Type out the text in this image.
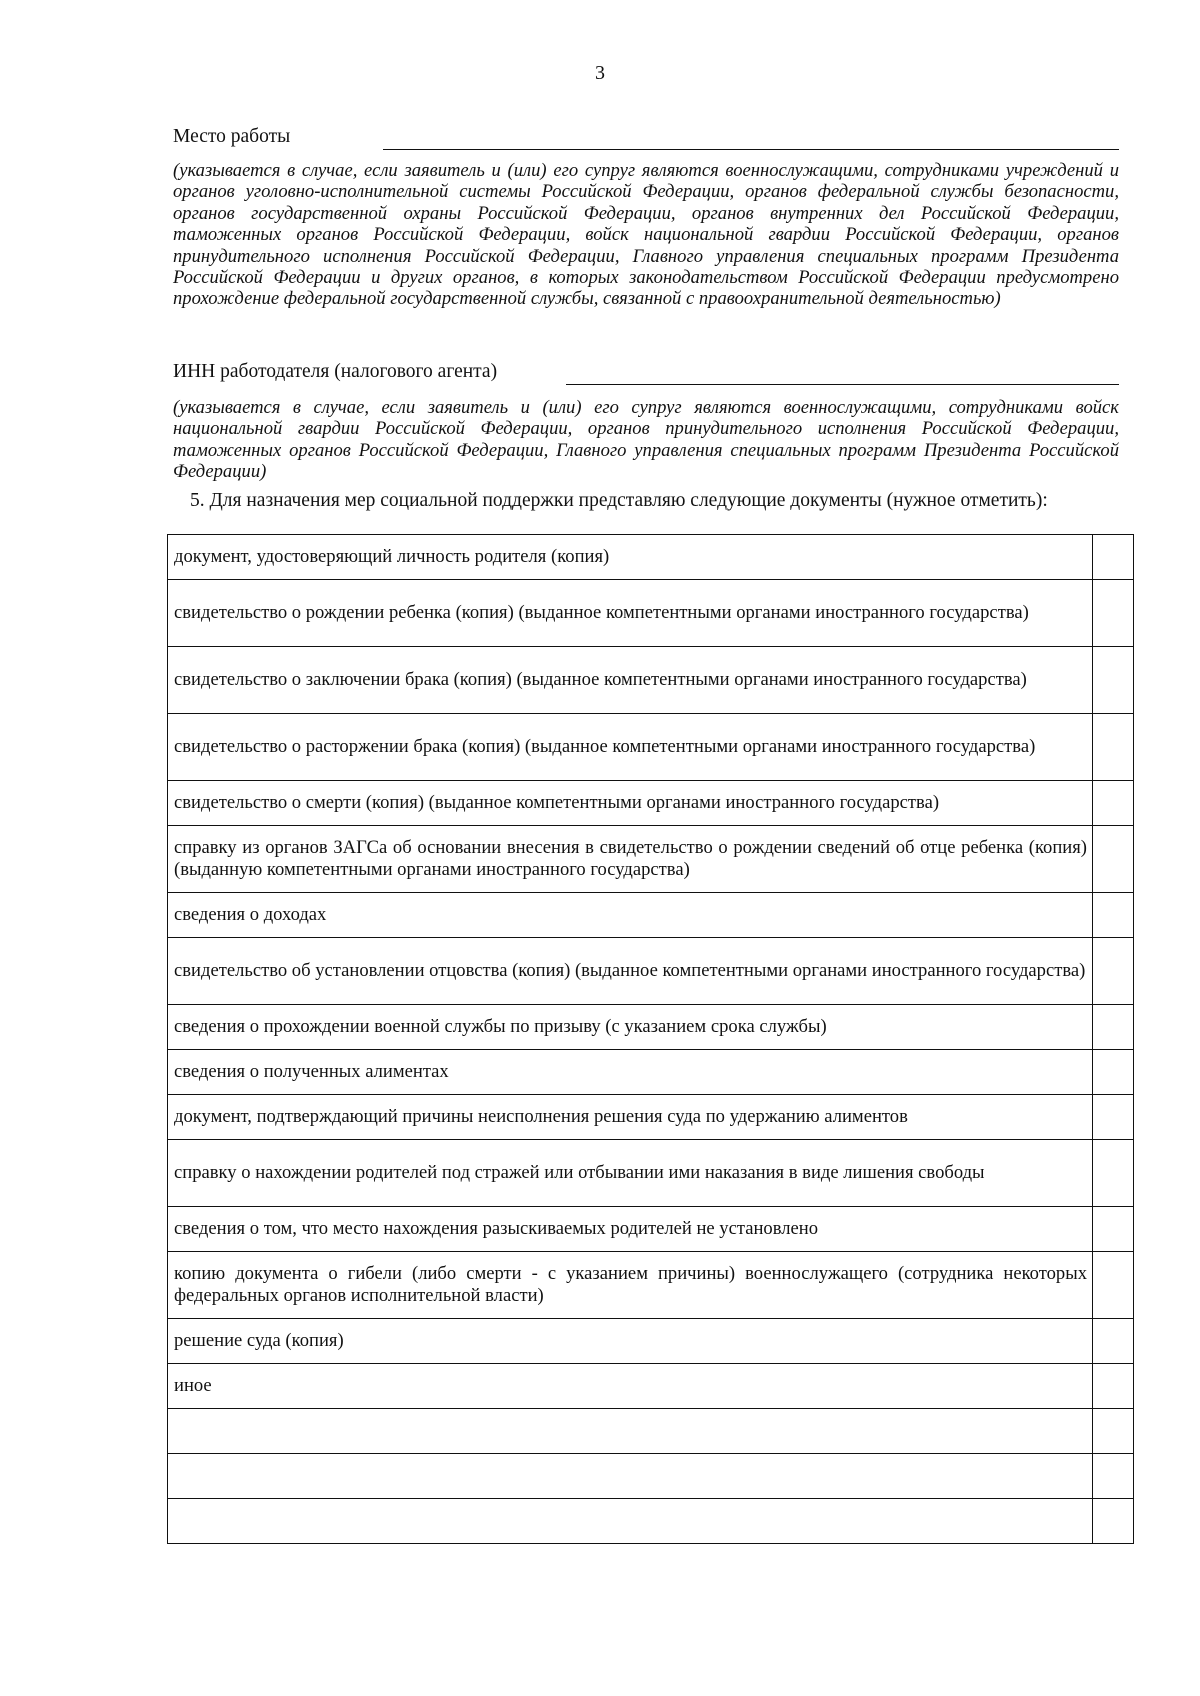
3
Место работы
(указывается в случае, если заявитель и (или) его супруг являются военнослужащими, сотрудниками учреждений и органов уголовно-исполнительной системы Российской Федерации, органов федеральной службы безопасности, органов государственной охраны Российской Федерации, органов внутренних дел Российской Федерации, таможенных органов Российской Федерации, войск национальной гвардии Российской Федерации, органов принудительного исполнения Российской Федерации, Главного управления специальных программ Президента Российской Федерации и других органов, в которых законодательством Российской Федерации предусмотрено прохождение федеральной государственной службы, связанной с правоохранительной деятельностью)
ИНН работодателя (налогового агента)
(указывается в случае, если заявитель и (или) его супруг являются военнослужащими, сотрудниками войск национальной гвардии Российской Федерации, органов принудительного исполнения Российской Федерации, таможенных органов Российской Федерации, Главного управления специальных программ Президента Российской Федерации)
5. Для назначения мер социальной поддержки представляю следующие документы (нужное отметить):
документ, удостоверяющий личность родителя (копия)	
свидетельство о рождении ребенка (копия) (выданное компетентными органами иностранного государства)	
свидетельство о заключении брака (копия) (выданное компетентными органами иностранного государства)	
свидетельство о расторжении брака (копия) (выданное компетентными органами иностранного государства)	
свидетельство о смерти (копия) (выданное компетентными органами иностранного государства)	
справку из органов ЗАГСа об основании внесения в свидетельство о рождении сведений об отце ребенка (копия) (выданную компетентными органами иностранного государства)	
сведения о доходах	
свидетельство об установлении отцовства (копия) (выданное компетентными органами иностранного государства)	
сведения о прохождении военной службы по призыву (с указанием срока службы)	
сведения о полученных алиментах	
документ, подтверждающий причины неисполнения решения суда по удержанию алиментов	
справку о нахождении родителей под стражей или отбывании ими наказания в виде лишения свободы	
сведения о том, что место нахождения разыскиваемых родителей не установлено	
копию документа о гибели (либо смерти - с указанием причины) военнослужащего (сотрудника некоторых федеральных органов исполнительной власти)	
решение суда (копия)	
иное	
